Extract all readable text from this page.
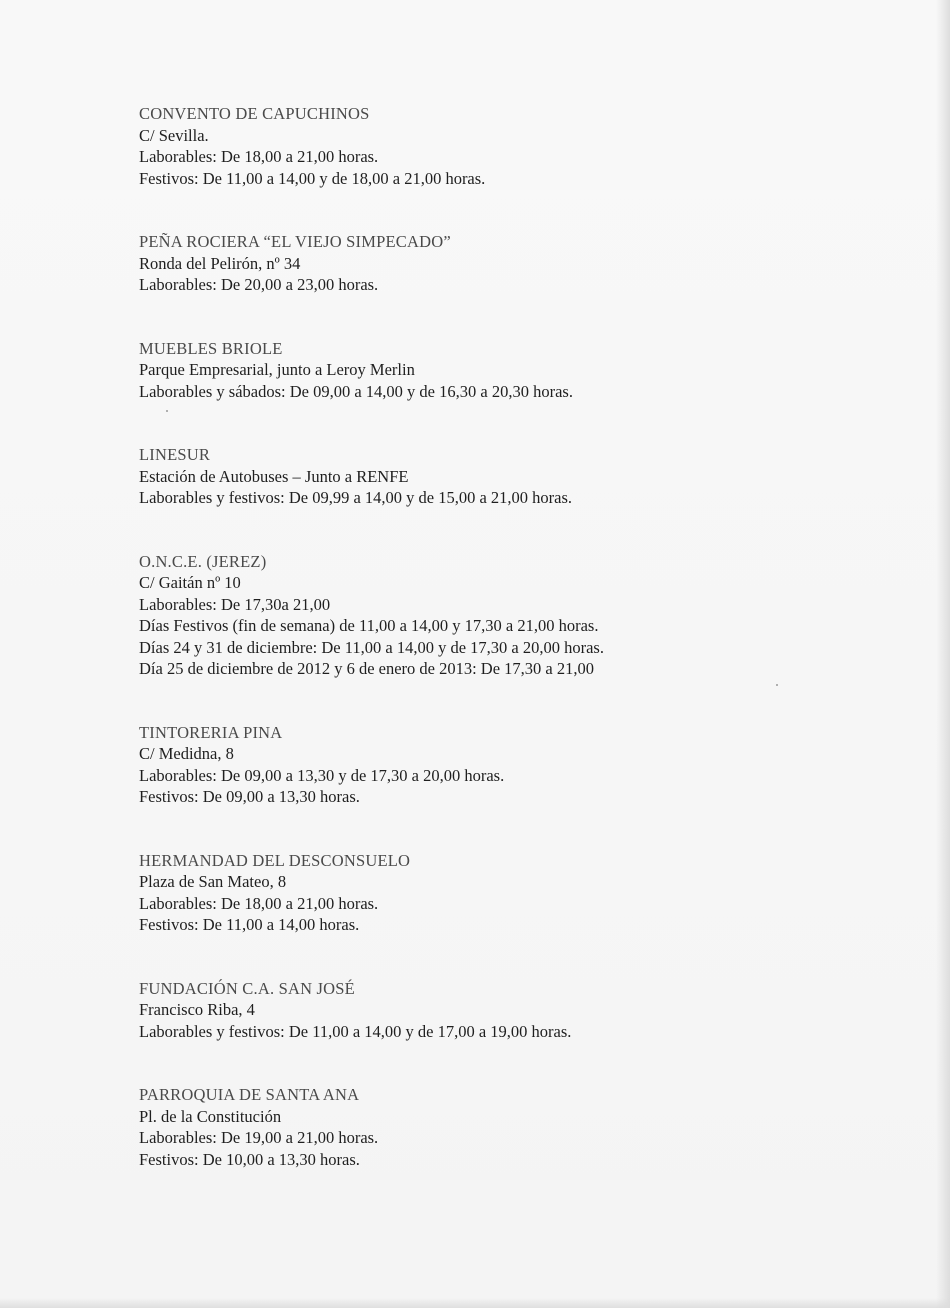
CONVENTO DE CAPUCHINOS
C/ Sevilla.
Laborables: De 18,00 a 21,00 horas.
Festivos: De 11,00 a 14,00 y de 18,00 a 21,00 horas.
PEÑA ROCIERA “EL VIEJO SIMPECADO”
Ronda del Pelirón, nº 34
Laborables: De 20,00 a 23,00 horas.
MUEBLES BRIOLE
Parque Empresarial, junto a Leroy Merlin
Laborables y sábados: De 09,00 a 14,00 y de 16,30 a 20,30 horas.
LINESUR
Estación de Autobuses – Junto a RENFE
Laborables y festivos: De 09,99 a 14,00 y de 15,00 a 21,00 horas.
O.N.C.E. (JEREZ)
C/ Gaitán nº 10
Laborables: De 17,30a 21,00
Días Festivos (fin de semana) de 11,00 a 14,00 y 17,30 a 21,00 horas.
Días 24 y 31 de diciembre: De 11,00 a 14,00 y de 17,30 a 20,00 horas.
Día 25 de diciembre de 2012 y 6 de enero de 2013: De 17,30 a 21,00
TINTORERIA PINA
C/ Medidna, 8
Laborables: De 09,00 a 13,30 y de 17,30 a 20,00 horas.
Festivos: De 09,00 a 13,30 horas.
HERMANDAD DEL DESCONSUELO
Plaza de San Mateo, 8
Laborables: De 18,00 a 21,00 horas.
Festivos: De 11,00 a 14,00 horas.
FUNDACIÓN C.A. SAN JOSÉ
Francisco Riba, 4
Laborables y festivos: De 11,00 a 14,00 y de 17,00 a 19,00 horas.
PARROQUIA DE SANTA ANA
Pl. de la Constitución
Laborables: De 19,00 a 21,00 horas.
Festivos: De 10,00 a 13,30 horas.
